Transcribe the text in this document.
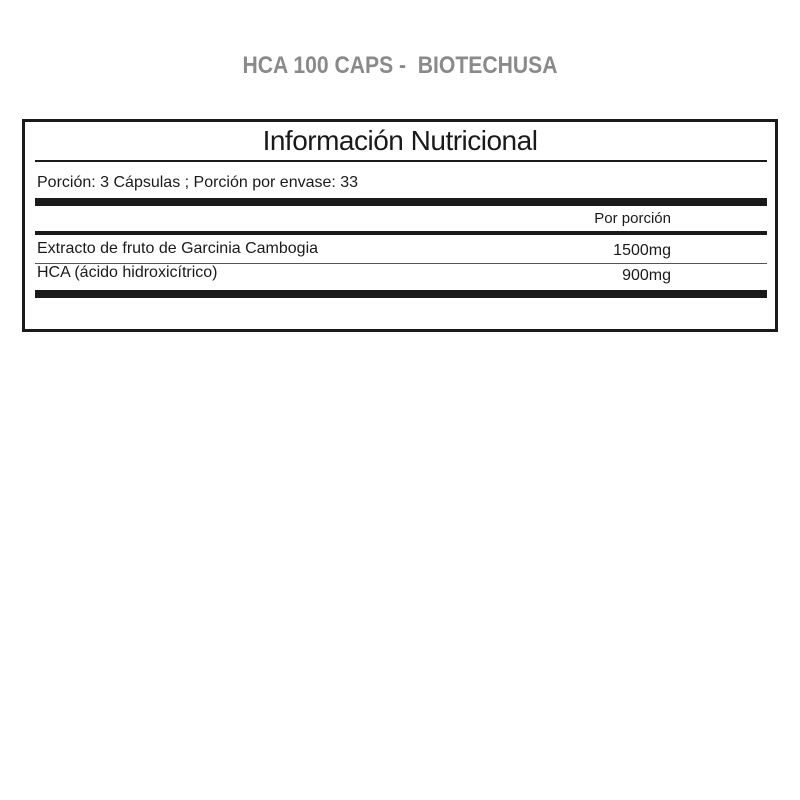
HCA 100 CAPS -  BIOTECHUSA
Información Nutricional
Porción: 3 Cápsulas ; Porción por envase: 33
Por porción
Extracto de fruto de Garcinia Cambogia	1500mg
HCA (ácido hidroxicítrico)	900mg
